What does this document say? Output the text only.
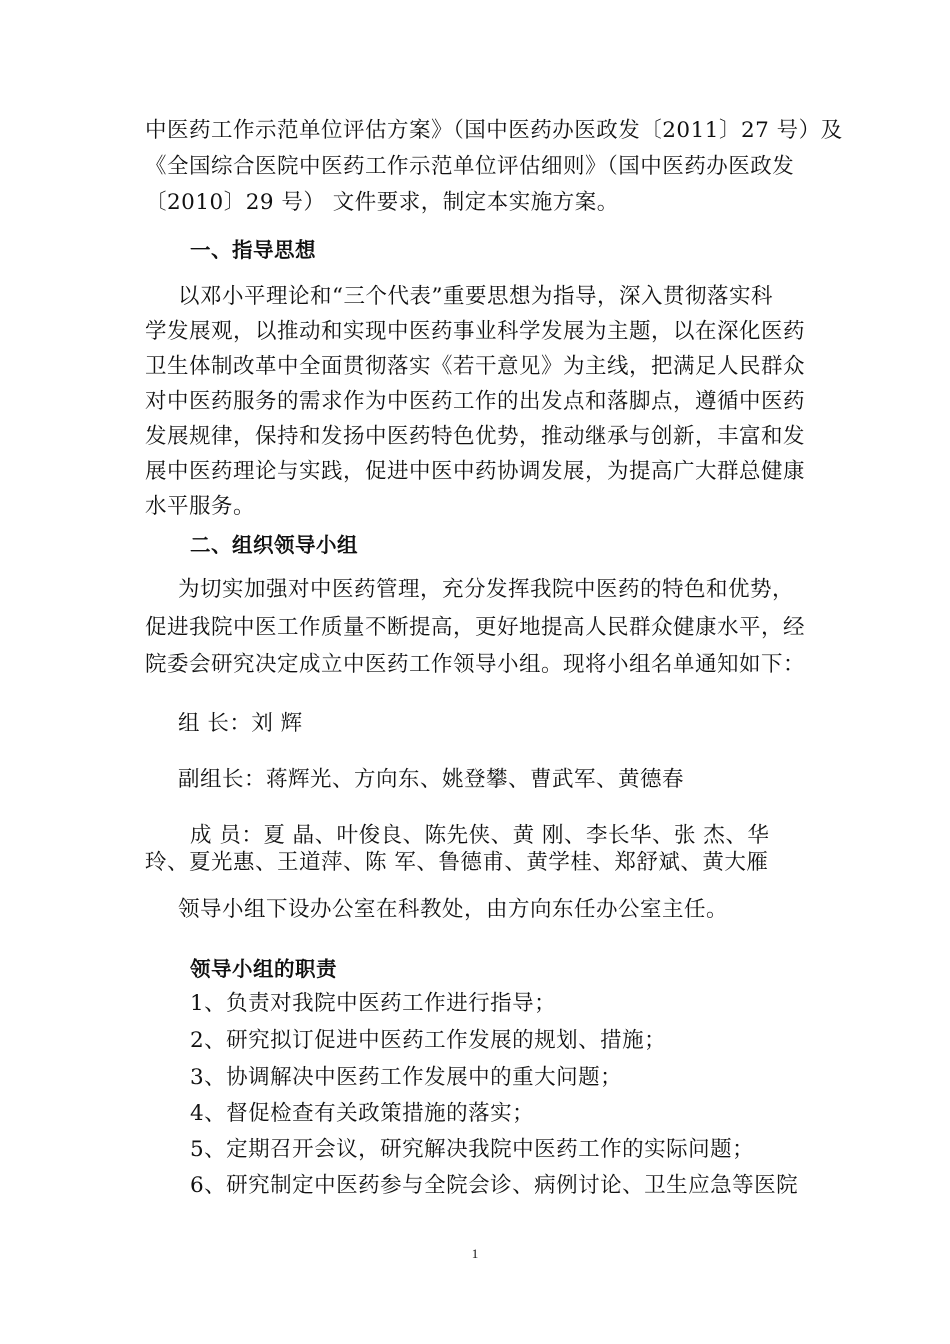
中医药工作示范单位评估方案》（国中医药办医政发〔2011〕27 号）及
《全国综合医院中医药工作示范单位评估细则》（国中医药办医政发
〔2010〕29 号） 文件要求，制定本实施方案。
一、指导思想
以邓小平理论和“三个代表”重要思想为指导，深入贯彻落实科
学发展观，以推动和实现中医药事业科学发展为主题，以在深化医药
卫生体制改革中全面贯彻落实《若干意见》为主线，把满足人民群众
对中医药服务的需求作为中医药工作的出发点和落脚点，遵循中医药
发展规律，保持和发扬中医药特色优势，推动继承与创新，丰富和发
展中医药理论与实践，促进中医中药协调发展，为提高广大群总健康
水平服务。
二、组织领导小组
为切实加强对中医药管理，充分发挥我院中医药的特色和优势，
促进我院中医工作质量不断提高，更好地提高人民群众健康水平，经
院委会研究决定成立中医药工作领导小组。现将小组名单通知如下：
组 长：刘 辉
副组长：蒋辉光、方向东、姚登攀、曹武军、黄德春
成 员：夏 晶、叶俊良、陈先侠、黄 刚、李长华、张 杰、华
玲、夏光惠、王道萍、陈 军、鲁德甫、黄学桂、郑舒斌、黄大雁
领导小组下设办公室在科教处，由方向东任办公室主任。
领导小组的职责
1、负责对我院中医药工作进行指导；
2、研究拟订促进中医药工作发展的规划、措施；
3、协调解决中医药工作发展中的重大问题；
4、督促检查有关政策措施的落实；
5、定期召开会议，研究解决我院中医药工作的实际问题；
6、研究制定中医药参与全院会诊、病例讨论、卫生应急等医院
1
